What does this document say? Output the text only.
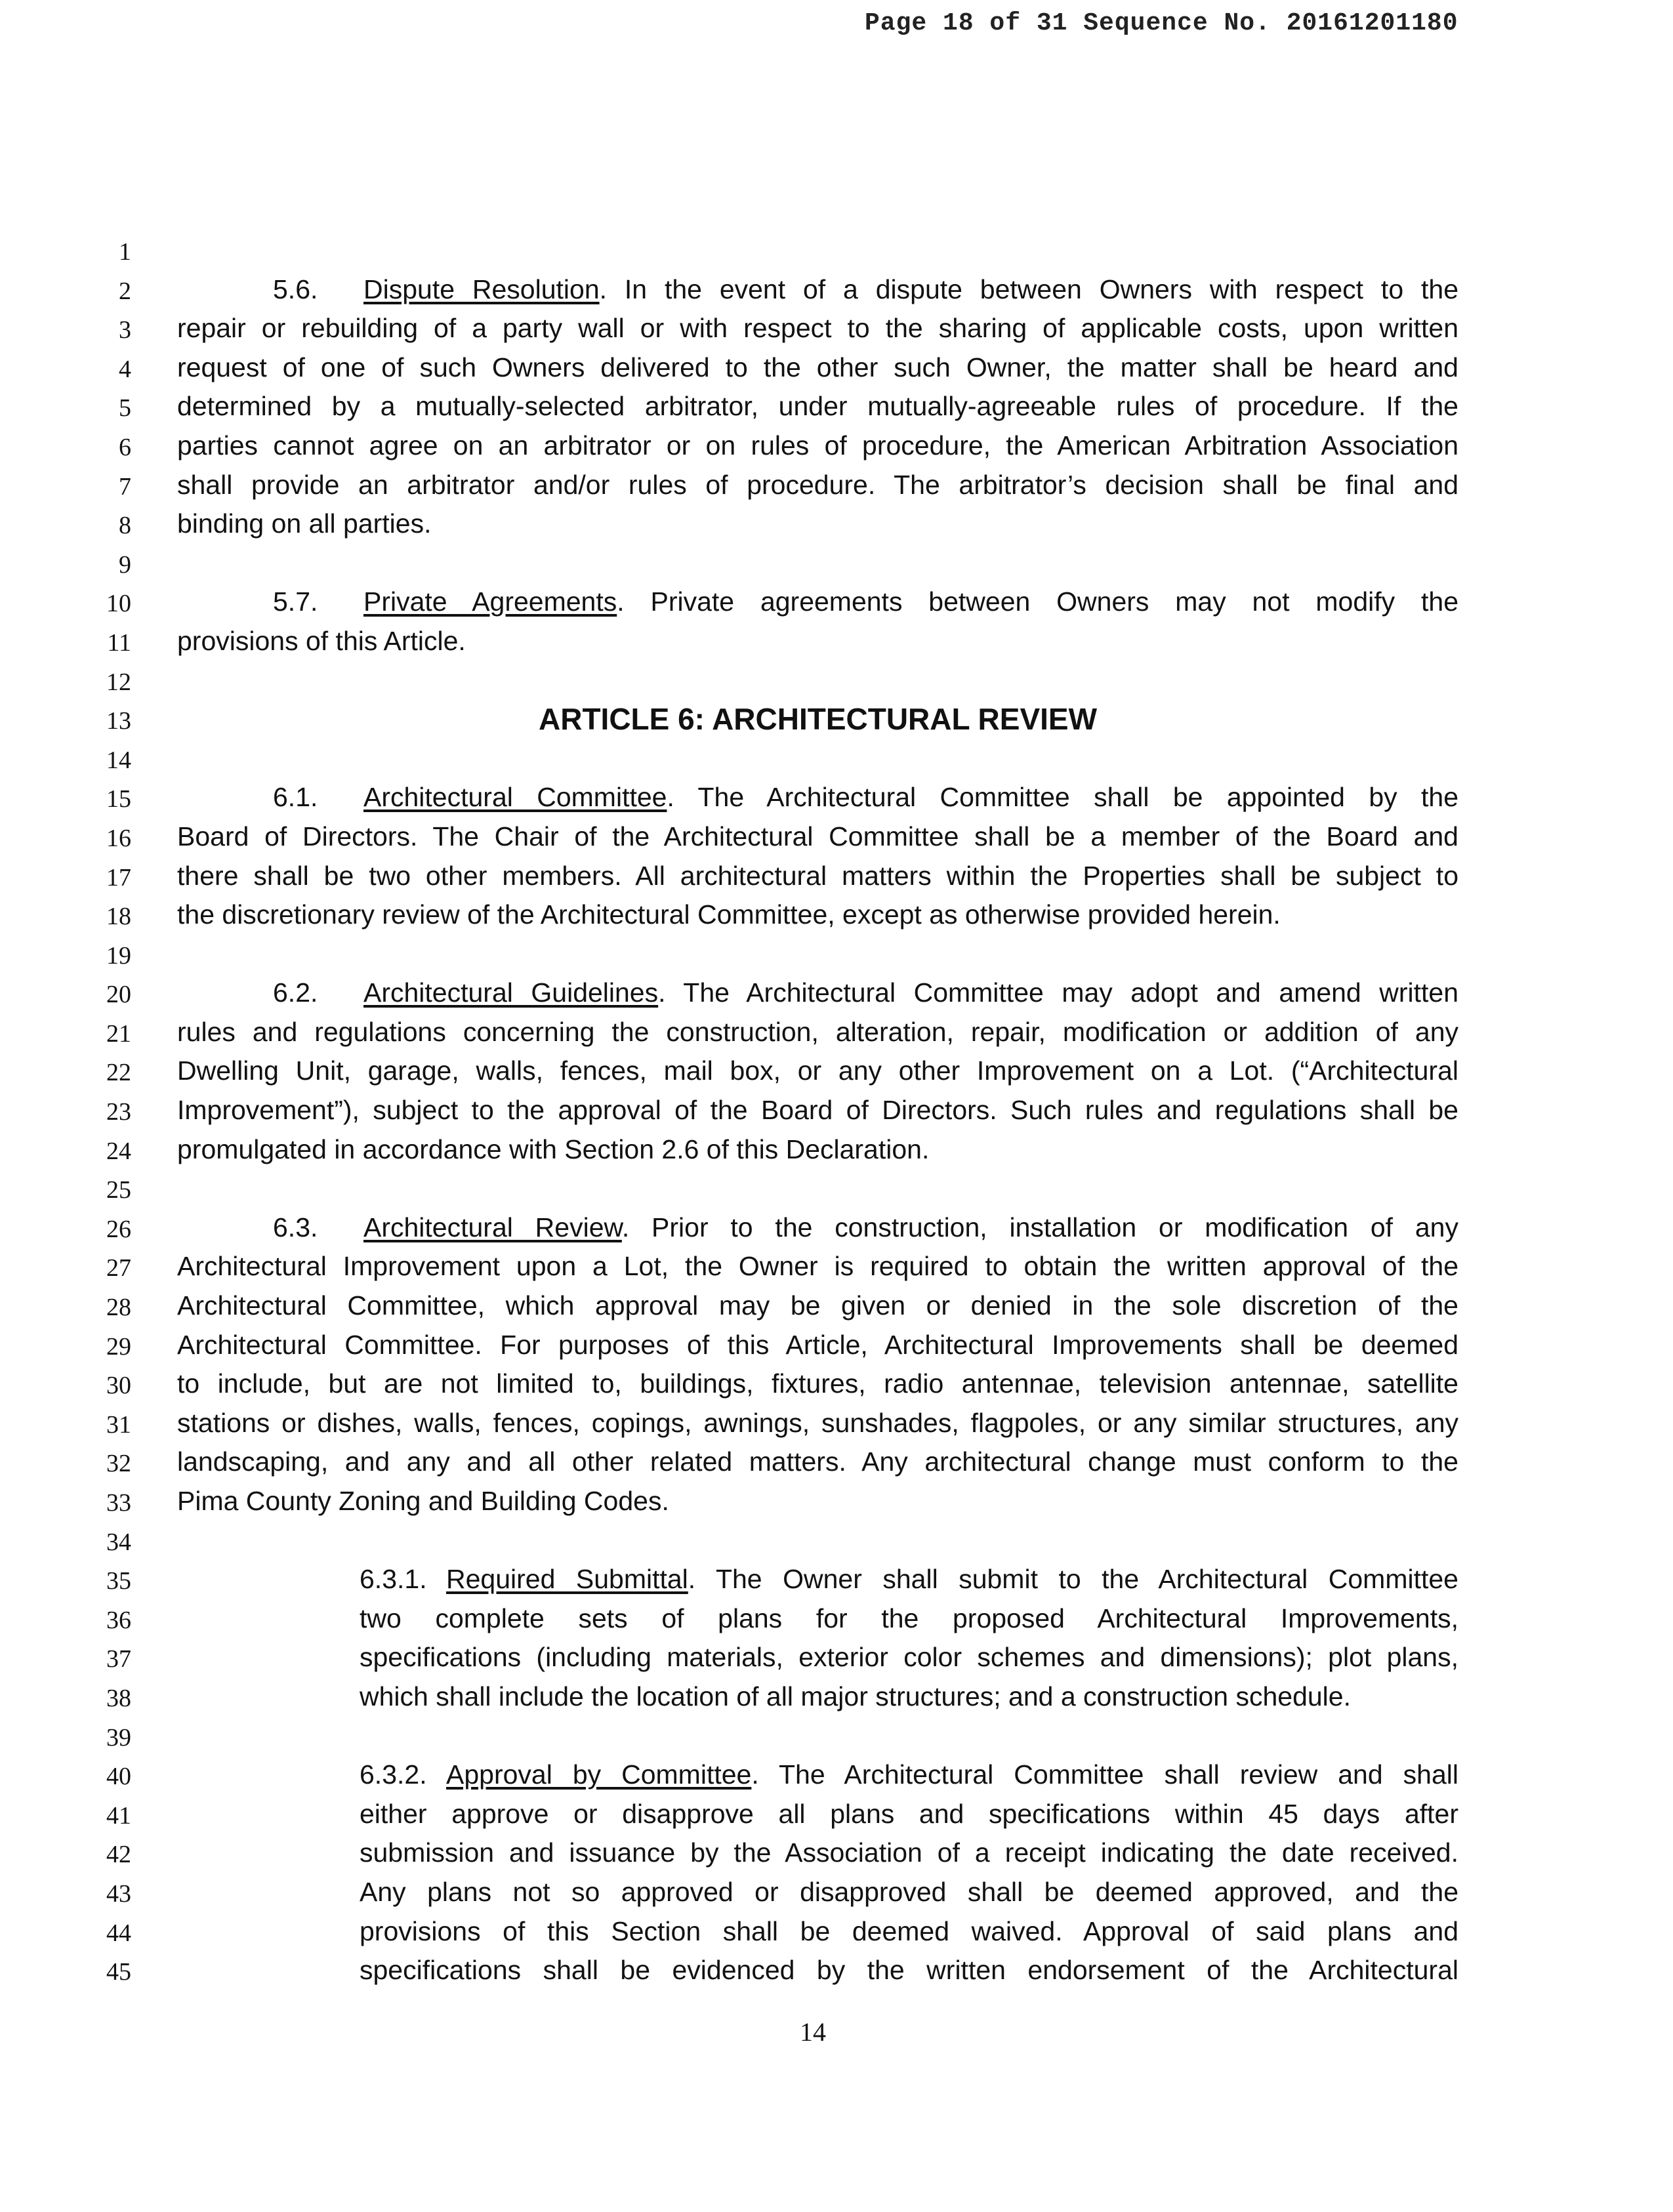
Page 18 of 31 Sequence No. 20161201180
1
2	5.6. Dispute Resolution. In the event of a dispute between Owners with respect to the
3 repair or rebuilding of a party wall or with respect to the sharing of applicable costs, upon written
4 request of one of such Owners delivered to the other such Owner, the matter shall be heard and
5 determined by a mutually-selected arbitrator, under mutually-agreeable rules of procedure. If the
6 parties cannot agree on an arbitrator or on rules of procedure, the American Arbitration Association
7 shall provide an arbitrator and/or rules of procedure. The arbitrator’s decision shall be final and
8 binding on all parties.
9
10	5.7. Private Agreements. Private agreements between Owners may not modify the
11 provisions of this Article.
12
13	ARTICLE 6: ARCHITECTURAL REVIEW
14
15	6.1. Architectural Committee. The Architectural Committee shall be appointed by the
16 Board of Directors. The Chair of the Architectural Committee shall be a member of the Board and
17 there shall be two other members. All architectural matters within the Properties shall be subject to
18 the discretionary review of the Architectural Committee, except as otherwise provided herein.
19
20	6.2. Architectural Guidelines. The Architectural Committee may adopt and amend written
21 rules and regulations concerning the construction, alteration, repair, modification or addition of any
22 Dwelling Unit, garage, walls, fences, mail box, or any other Improvement on a Lot. (“Architectural
23 Improvement”), subject to the approval of the Board of Directors. Such rules and regulations shall be
24 promulgated in accordance with Section 2.6 of this Declaration.
25
26	6.3. Architectural Review. Prior to the construction, installation or modification of any
27 Architectural Improvement upon a Lot, the Owner is required to obtain the written approval of the
28 Architectural Committee, which approval may be given or denied in the sole discretion of the
29 Architectural Committee. For purposes of this Article, Architectural Improvements shall be deemed
30 to include, but are not limited to, buildings, fixtures, radio antennae, television antennae, satellite
31 stations or dishes, walls, fences, copings, awnings, sunshades, flagpoles, or any similar structures, any
32 landscaping, and any and all other related matters. Any architectural change must conform to the
33 Pima County Zoning and Building Codes.
34
35	6.3.1. Required Submittal. The Owner shall submit to the Architectural Committee
36	two complete sets of plans for the proposed Architectural Improvements,
37	specifications (including materials, exterior color schemes and dimensions); plot plans,
38	which shall include the location of all major structures; and a construction schedule.
39
40	6.3.2. Approval by Committee. The Architectural Committee shall review and shall
41	either approve or disapprove all plans and specifications within 45 days after
42	submission and issuance by the Association of a receipt indicating the date received.
43	Any plans not so approved or disapproved shall be deemed approved, and the
44	provisions of this Section shall be deemed waived. Approval of said plans and
45	specifications shall be evidenced by the written endorsement of the Architectural
14
